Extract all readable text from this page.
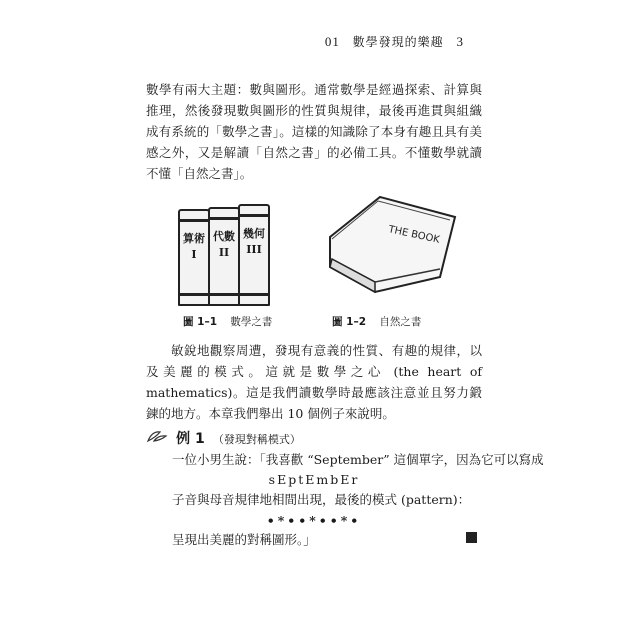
01 數學發現的樂趣 3

數學有兩大主題：數與圖形。通常數學是經過探索、計算與推理，然後發現數與圖形的性質與規律，最後再進貫與組織成有系統的「數學之書」。這樣的知識除了本身有趣且具有美感之外，又是解讀「自然之書」的必備工具。不懂數學就讀不懂「自然之書」。

算術
I
代數
II
幾何
III
THE BOOK
圖 1–1 數學之書	圖 1–2 自然之書

敏銳地觀察周遭，發現有意義的性質、有趣的規律，以及美麗的模式。這就是數學之心 (the heart of mathematics)。這是我們讀數學時最應該注意並且努力鍛鍊的地方。本章我們舉出 10 個例子來說明。

例 1 （發現對稱模式）
一位小男生說：「我喜歡 “September” 這個單字，因為它可以寫成
sEptEmbEr
子音與母音規律地相間出現，最後的模式 (pattern)：
•*••*••*•
呈現出美麗的對稱圖形。」
